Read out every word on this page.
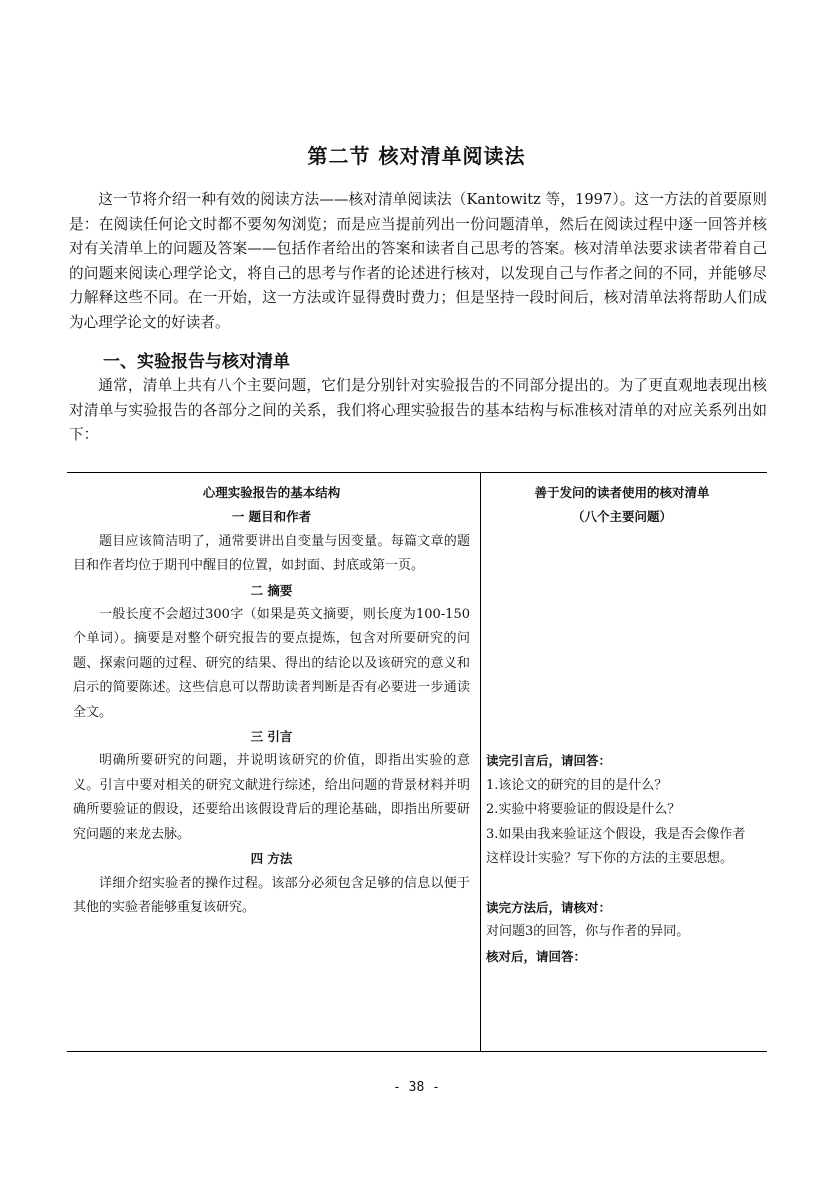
第二节 核对清单阅读法

这一节将介绍一种有效的阅读方法——核对清单阅读法（Kantowitz 等，1997）。这一方法的首要原则是：在阅读任何论文时都不要匆匆浏览；而是应当提前列出一份问题清单，然后在阅读过程中逐一回答并核对有关清单上的问题及答案——包括作者给出的答案和读者自己思考的答案。核对清单法要求读者带着自己的问题来阅读心理学论文，将自己的思考与作者的论述进行核对，以发现自己与作者之间的不同，并能够尽力解释这些不同。在一开始，这一方法或许显得费时费力；但是坚持一段时间后，核对清单法将帮助人们成为心理学论文的好读者。

一、实验报告与核对清单

通常，清单上共有八个主要问题，它们是分别针对实验报告的不同部分提出的。为了更直观地表现出核对清单与实验报告的各部分之间的关系，我们将心理实验报告的基本结构与标准核对清单的对应关系列出如下：

心理实验报告的基本结构
一 题目和作者

题目应该简洁明了，通常要讲出自变量与因变量。每篇文章的题目和作者均位于期刊中醒目的位置，如封面、封底或第一页。

二 摘要

一般长度不会超过300字（如果是英文摘要，则长度为100-150个单词）。摘要是对整个研究报告的要点提炼，包含对所要研究的问题、探索问题的过程、研究的结果、得出的结论以及该研究的意义和启示的简要陈述。这些信息可以帮助读者判断是否有必要进一步通读全文。

三 引言

明确所要研究的问题，并说明该研究的价值，即指出实验的意义。引言中要对相关的研究文献进行综述，给出问题的背景材料并明确所要验证的假设，还要给出该假设背后的理论基础，即指出所要研究问题的来龙去脉。

四 方法

详细介绍实验者的操作过程。该部分必须包含足够的信息以便于其他的实验者能够重复该研究。

善于发问的读者使用的核对清单
（八个主要问题）
读完引言后，请回答：

1.该论文的研究的目的是什么？

2.实验中将要验证的假设是什么？

3.如果由我来验证这个假设，我是否会像作者这样设计实验？写下你的方法的主要思想。

读完方法后，请核对：

对问题3的回答，你与作者的异同。

核对后，请回答：
- 38 -
